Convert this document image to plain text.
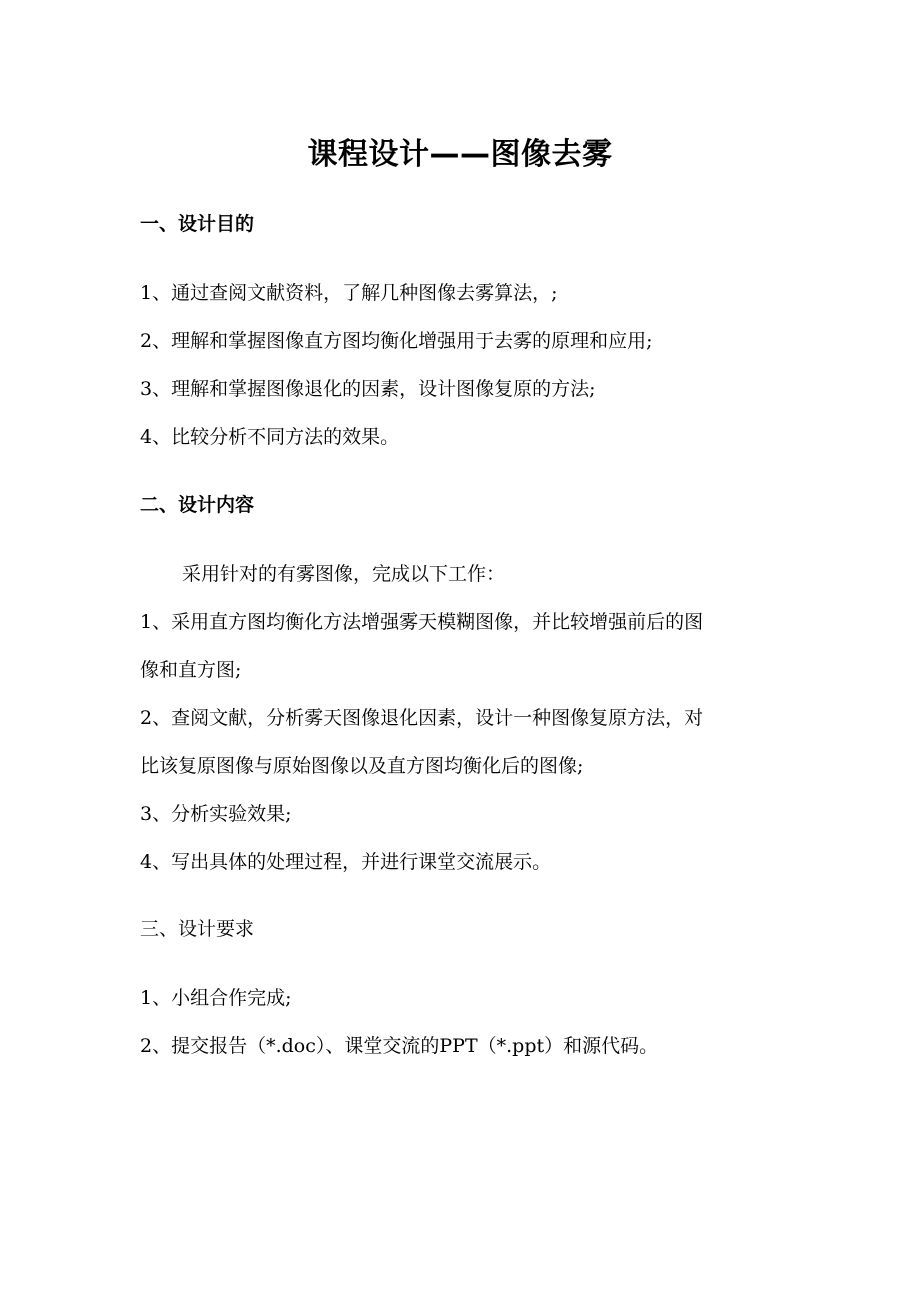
课程设计——图像去雾
一、设计目的
1、通过查阅文献资料，了解几种图像去雾算法，;
2、理解和掌握图像直方图均衡化增强用于去雾的原理和应用;
3、理解和掌握图像退化的因素，设计图像复原的方法;
4、比较分析不同方法的效果。
二、设计内容
采用针对的有雾图像，完成以下工作：
1、采用直方图均衡化方法增强雾天模糊图像，并比较增强前后的图
像和直方图;
2、查阅文献，分析雾天图像退化因素，设计一种图像复原方法，对
比该复原图像与原始图像以及直方图均衡化后的图像;
3、分析实验效果;
4、写出具体的处理过程，并进行课堂交流展示。
三、设计要求
1、小组合作完成;
2、提交报告（*.doc）、课堂交流的PPT（*.ppt）和源代码。
